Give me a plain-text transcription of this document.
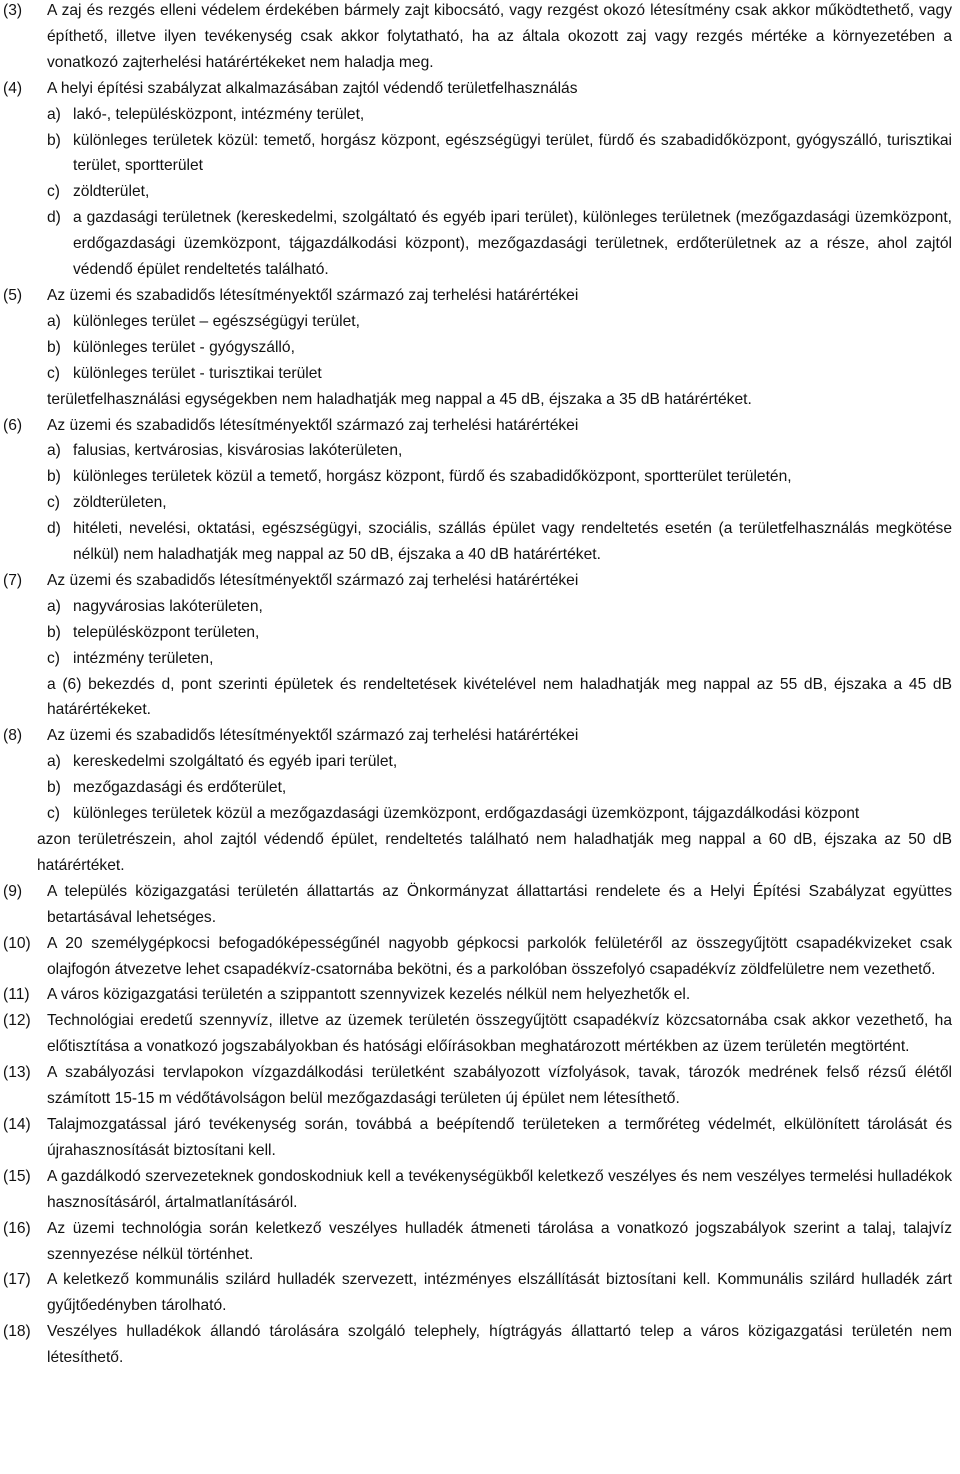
(3) A zaj és rezgés elleni védelem érdekében bármely zajt kibocsátó, vagy rezgést okozó létesítmény csak akkor működtethető, vagy építhető, illetve ilyen tevékenység csak akkor folytatható, ha az általa okozott zaj vagy rezgés mértéke a környezetében a vonatkozó zajterhelési határértékeket nem haladja meg.
(4) A helyi építési szabályzat alkalmazásában zajtól védendő területfelhasználás
a) lakó-, településközpont, intézmény terület,
b) különleges területek közül: temető, horgász központ, egészségügyi terület, fürdő és szabadidőközpont, gyógyszálló, turisztikai terület, sportterület
c) zöldterület,
d) a gazdasági területnek (kereskedelmi, szolgáltató és egyéb ipari terület), különleges területnek (mezőgazdasági üzemközpont, erdőgazdasági üzemközpont, tájgazdálkodási központ), mezőgazdasági területnek, erdőterületnek az a része, ahol zajtól védendő épület rendeltetés található.
(5) Az üzemi és szabadidős létesítményektől származó zaj terhelési határértékei
a) különleges terület – egészségügyi terület,
b) különleges terület - gyógyszálló,
c) különleges terület - turisztikai terület
területfelhasználási egységekben nem haladhatják meg nappal a 45 dB, éjszaka a 35 dB határértéket.
(6) Az üzemi és szabadidős létesítményektől származó zaj terhelési határértékei
a) falusias, kertvárosias, kisvárosias lakóterületen,
b) különleges területek közül a temető, horgász központ, fürdő és szabadidőközpont, sportterület területén,
c) zöldterületen,
d) hitéleti, nevelési, oktatási, egészségügyi, szociális, szállás épület vagy rendeltetés esetén (a területfelhasználás megkötése nélkül) nem haladhatják meg nappal az 50 dB, éjszaka a 40 dB határértéket.
(7) Az üzemi és szabadidős létesítményektől származó zaj terhelési határértékei
a) nagyvárosias lakóterületen,
b) településközpont területen,
c) intézmény területen,
a (6) bekezdés d, pont szerinti épületek és rendeltetések kivételével nem haladhatják meg nappal az 55 dB, éjszaka a 45 dB határértékeket.
(8) Az üzemi és szabadidős létesítményektől származó zaj terhelési határértékei
a) kereskedelmi szolgáltató és egyéb ipari terület,
b) mezőgazdasági és erdőterület,
c) különleges területek közül a mezőgazdasági üzemközpont, erdőgazdasági üzemközpont, tájgazdálkodási központ
azon területrészein, ahol zajtól védendő épület, rendeltetés található nem haladhatják meg nappal a 60 dB, éjszaka az 50 dB határértéket.
(9) A település közigazgatási területén állattartás az Önkormányzat állattartási rendelete és a Helyi Építési Szabályzat együttes betartásával lehetséges.
(10) A 20 személygépkocsi befogadóképességűnél nagyobb gépkocsi parkolók felületéről az összegyűjtött csapadékvizeket csak olajfogón átvezetve lehet csapadékvíz-csatornába bekötni, és a parkolóban összefolyó csapadékvíz zöldfelületre nem vezethető.
(11) A város közigazgatási területén a szippantott szennyvizek kezelés nélkül nem helyezhetők el.
(12) Technológiai eredetű szennyvíz, illetve az üzemek területén összegyűjtött csapadékvíz közcsatornába csak akkor vezethető, ha előtisztítása a vonatkozó jogszabályokban és hatósági előírásokban meghatározott mértékben az üzem területén megtörtént.
(13) A szabályozási tervlapokon vízgazdálkodási területként szabályozott vízfolyások, tavak, tározók medrének felső rézsű élétől számított 15-15 m védőtávolságon belül mezőgazdasági területen új épület nem létesíthető.
(14) Talajmozgatással járó tevékenység során, továbbá a beépítendő területeken a termőréteg védelmét, elkülönített tárolását és újrahasznosítását biztosítani kell.
(15) A gazdálkodó szervezeteknek gondoskodniuk kell a tevékenységükből keletkező veszélyes és nem veszélyes termelési hulladékok hasznosításáról, ártalmatlanításáról.
(16) Az üzemi technológia során keletkező veszélyes hulladék átmeneti tárolása a vonatkozó jogszabályok szerint a talaj, talajvíz szennyezése nélkül történhet.
(17) A keletkező kommunális szilárd hulladék szervezett, intézményes elszállítását biztosítani kell. Kommunális szilárd hulladék zárt gyűjtőedényben tárolható.
(18) Veszélyes hulladékok állandó tárolására szolgáló telephely, hígtrágyás állattartó telep a város közigazgatási területén nem létesíthető.
